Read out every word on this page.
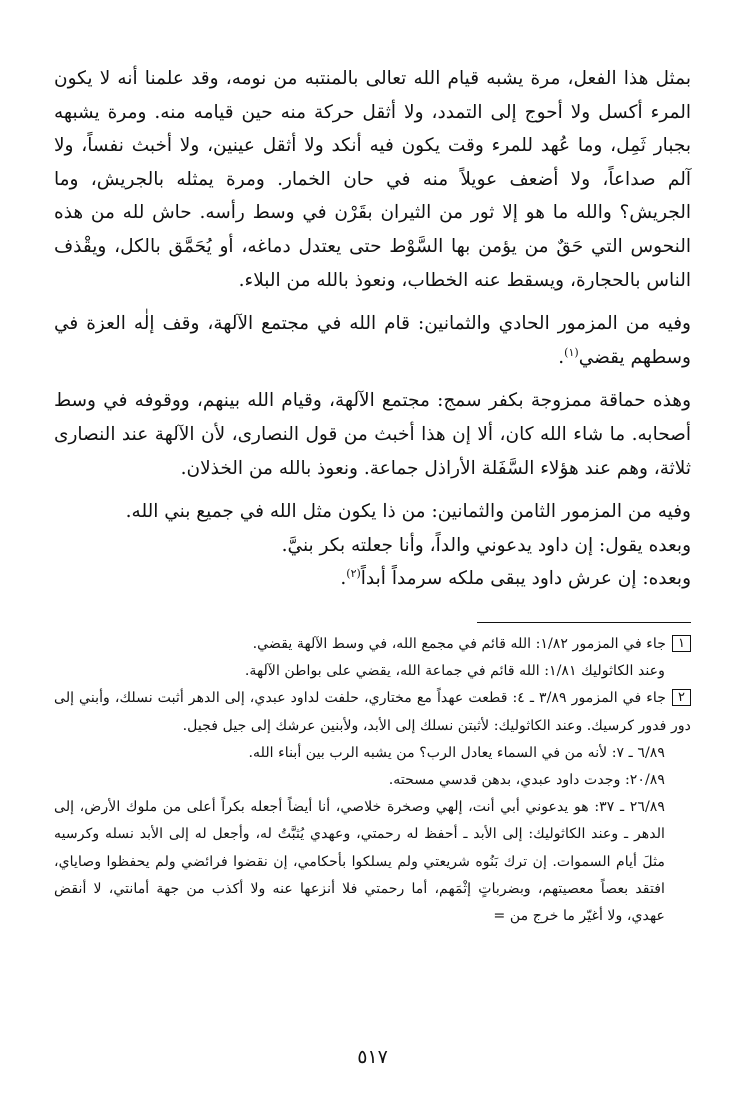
بمثل هذا الفعل، مرة يشبه قيام الله تعالى بالمنتبه من نومه، وقد علمنا أنه لا يكون المرء أكسل ولا أحوج إلى التمدد، ولا أثقل حركة منه حين قيامه منه. ومرة يشبهه بجبار ثَمِل، وما عُهد للمرء وقت يكون فيه أنكد ولا أثقل عينين، ولا أخبث نفساً، ولا آلم صداعاً، ولا أضعف عويلاً منه في حان الخمار. ومرة يمثله بالجريش، وما الجريش؟ والله ما هو إلا ثور من الثيران بقَرْن في وسط رأسه. حاش لله من هذه النحوس التي حَقٌ من يؤمن بها السَّوْط حتى يعتدل دماغه، أو يُحَمَّق بالكل، ويقْذف الناس بالحجارة، ويسقط عنه الخطاب، ونعوذ بالله من البلاء.

وفيه من المزمور الحادي والثمانين: قام الله في مجتمع الآلهة، وقف إلٰه العزة في وسطهم يقضي$^{(١)}$.

وهذه حماقة ممزوجة بكفر سمج: مجتمع الآلهة، وقيام الله بينهم، ووقوفه في وسط أصحابه. ما شاء الله كان، ألا إن هذا أخبث من قول النصارى، لأن الآلهة عند النصارى ثلاثة، وهم عند هؤلاء السَّفَلة الأراذل جماعة. ونعوذ بالله من الخذلان.

وفيه من المزمور الثامن والثمانين: من ذا يكون مثل الله في جميع بني الله.

وبعده يقول: إن داود يدعوني والداً، وأنا جعلته بكر بنيَّ.

وبعده: إن عرش داود يبقى ملكه سرمداً أبداً$^{(٢)}$.

١جاء في المزمور ١/٨٢: الله قائم في مجمع الله، في وسط الآلهة يقضي.

وعند الكاثوليك ١/٨١: الله قائم في جماعة الله، يقضي على بواطن الآلهة.

٢جاء في المزمور ٣/٨٩ ـ ٤: قطعت عهداً مع مختاري، حلفت لداود عبدي، إلى الدهر أثبت نسلك، وأبني إلى دور فدور كرسيك. وعند الكاثوليك: لأثبتن نسلك إلى الأبد، ولأبنين عرشك إلى جيل فجيل.

٦/٨٩ ـ ٧: لأنه من في السماء يعادل الرب؟ من يشبه الرب بين أبناء الله.

٢٠/٨٩: وجدت داود عبدي، بدهن قدسي مسحته.

٢٦/٨٩ ـ ٣٧: هو يدعوني أبي أنت، إلهي وصخرة خلاصي، أنا أيضاً أجعله بكراً أعلى من ملوك الأرض، إلى الدهر ـ وعند الكاثوليك: إلى الأبد ـ أحفظ له رحمتي، وعهدي يُثبَّتُ له، وأجعل له إلى الأبد نسله وكرسيه مثلَ أيام السموات. إن ترك بَنُوه شريعتي ولم يسلكوا بأحكامي، إن نقضوا فرائضي ولم يحفظوا وصاياي، افتقد بعصاً معصيتهم، وبضرباتٍ إثْمَهم، أما رحمتي فلا أنزعها عنه ولا أكذب من جهة أمانتي، لا أنقض عهدي، ولا أغيّر ما خرج من =

٥١٧
